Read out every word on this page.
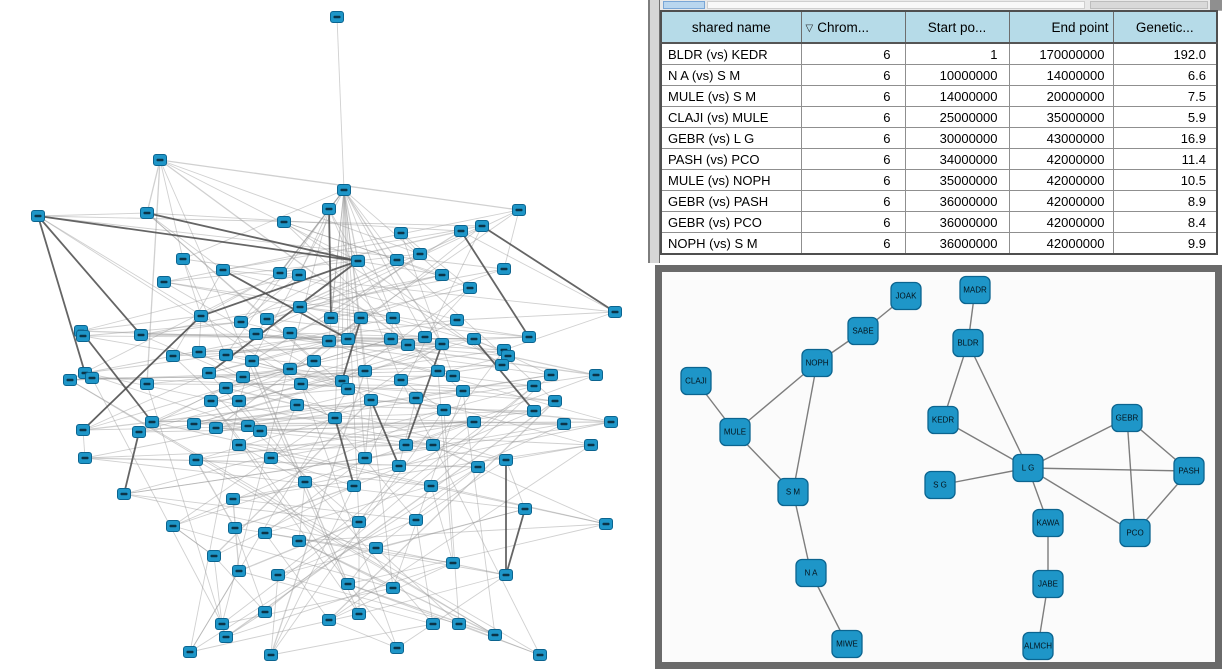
shared name	▽ Chrom...	Start po...	End point	Genetic...
BLDR (vs) KEDR	6	1	170000000	192.0
N A (vs) S M	6	10000000	14000000	6.6
MULE (vs) S M	6	14000000	20000000	7.5
CLAJI (vs) MULE	6	25000000	35000000	5.9
GEBR (vs) L G	6	30000000	43000000	16.9
PASH (vs) PCO	6	34000000	42000000	11.4
MULE (vs) NOPH	6	35000000	42000000	10.5
GEBR (vs) PASH	6	36000000	42000000	8.9
GEBR (vs) PCO	6	36000000	42000000	8.4
NOPH (vs) S M	6	36000000	42000000	9.9
JOAK
SABE
NOPH
CLAJI
MULE
S M
N A
MIWE
MADR
BLDR
KEDR
L G
S G
GEBR
PASH
KAWA
PCO
JABE
ALMCH
